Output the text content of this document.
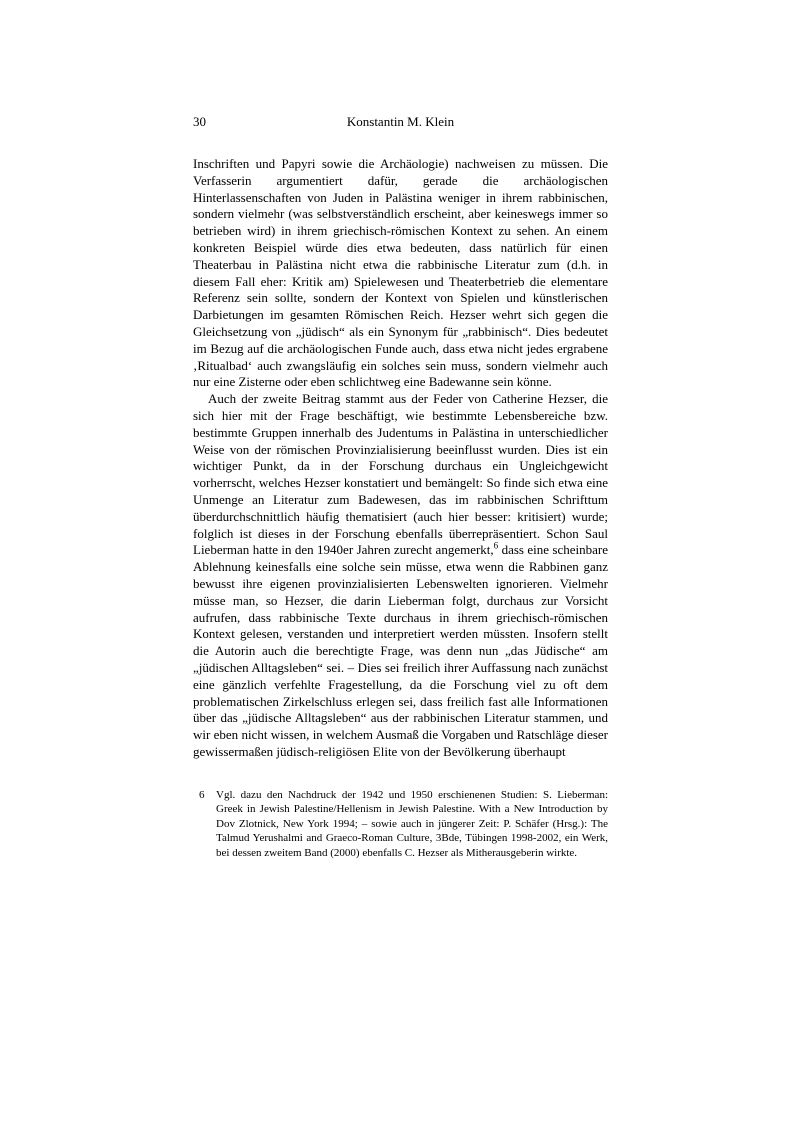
30	Konstantin M. Klein

Inschriften und Papyri sowie die Archäologie) nachweisen zu müssen. Die Verfasserin argumentiert dafür, gerade die archäologischen Hinterlassenschaften von Juden in Palästina weniger in ihrem rabbinischen, sondern vielmehr (was selbstverständlich erscheint, aber keineswegs immer so betrieben wird) in ihrem griechisch-römischen Kontext zu sehen. An einem konkreten Beispiel würde dies etwa bedeuten, dass natürlich für einen Theaterbau in Palästina nicht etwa die rabbinische Literatur zum (d.h. in diesem Fall eher: Kritik am) Spielewesen und Theaterbetrieb die elementare Referenz sein sollte, sondern der Kontext von Spielen und künstlerischen Darbietungen im gesamten Römischen Reich. Hezser wehrt sich gegen die Gleichsetzung von „jüdisch“ als ein Synonym für „rabbinisch“. Dies bedeutet im Bezug auf die archäologischen Funde auch, dass etwa nicht jedes ergrabene ‚Ritualbad‘ auch zwangsläufig ein solches sein muss, sondern vielmehr auch nur eine Zisterne oder eben schlichtweg eine Badewanne sein könne.

Auch der zweite Beitrag stammt aus der Feder von Catherine Hezser, die sich hier mit der Frage beschäftigt, wie bestimmte Lebensbereiche bzw. bestimmte Gruppen innerhalb des Judentums in Palästina in unterschiedlicher Weise von der römischen Provinzialisierung beeinflusst wurden. Dies ist ein wichtiger Punkt, da in der Forschung durchaus ein Ungleichgewicht vorherrscht, welches Hezser konstatiert und bemängelt: So finde sich etwa eine Unmenge an Literatur zum Badewesen, das im rabbinischen Schrifttum überdurchschnittlich häufig thematisiert (auch hier besser: kritisiert) wurde; folglich ist dieses in der Forschung ebenfalls überrepräsentiert. Schon Saul Lieberman hatte in den 1940er Jahren zurecht angemerkt,$^6$ dass eine scheinbare Ablehnung keinesfalls eine solche sein müsse, etwa wenn die Rabbinen ganz bewusst ihre eigenen provinzialisierten Lebenswelten ignorieren. Vielmehr müsse man, so Hezser, die darin Lieberman folgt, durchaus zur Vorsicht aufrufen, dass rabbinische Texte durchaus in ihrem griechisch-römischen Kontext gelesen, verstanden und interpretiert werden müssten. Insofern stellt die Autorin auch die berechtigte Frage, was denn nun „das Jüdische“ am „jüdischen Alltagsleben“ sei. – Dies sei freilich ihrer Auffassung nach zunächst eine gänzlich verfehlte Fragestellung, da die Forschung viel zu oft dem problematischen Zirkelschluss erlegen sei, dass freilich fast alle Informationen über das „jüdische Alltagsleben“ aus der rabbinischen Literatur stammen, und wir eben nicht wissen, in welchem Ausmaß die Vorgaben und Ratschläge dieser gewissermaßen jüdisch-religiösen Elite von der Bevölkerung überhaupt

6	Vgl. dazu den Nachdruck der 1942 und 1950 erschienenen Studien: S. Lieberman: Greek in Jewish Palestine/Hellenism in Jewish Palestine. With a New Introduction by Dov Zlotnick, New York 1994; – sowie auch in jüngerer Zeit: P. Schäfer (Hrsg.): The Talmud Yerushalmi and Graeco-Roman Culture, 3Bde, Tübingen 1998-2002, ein Werk, bei dessen zweitem Band (2000) ebenfalls C. Hezser als Mitherausgeberin wirkte.
